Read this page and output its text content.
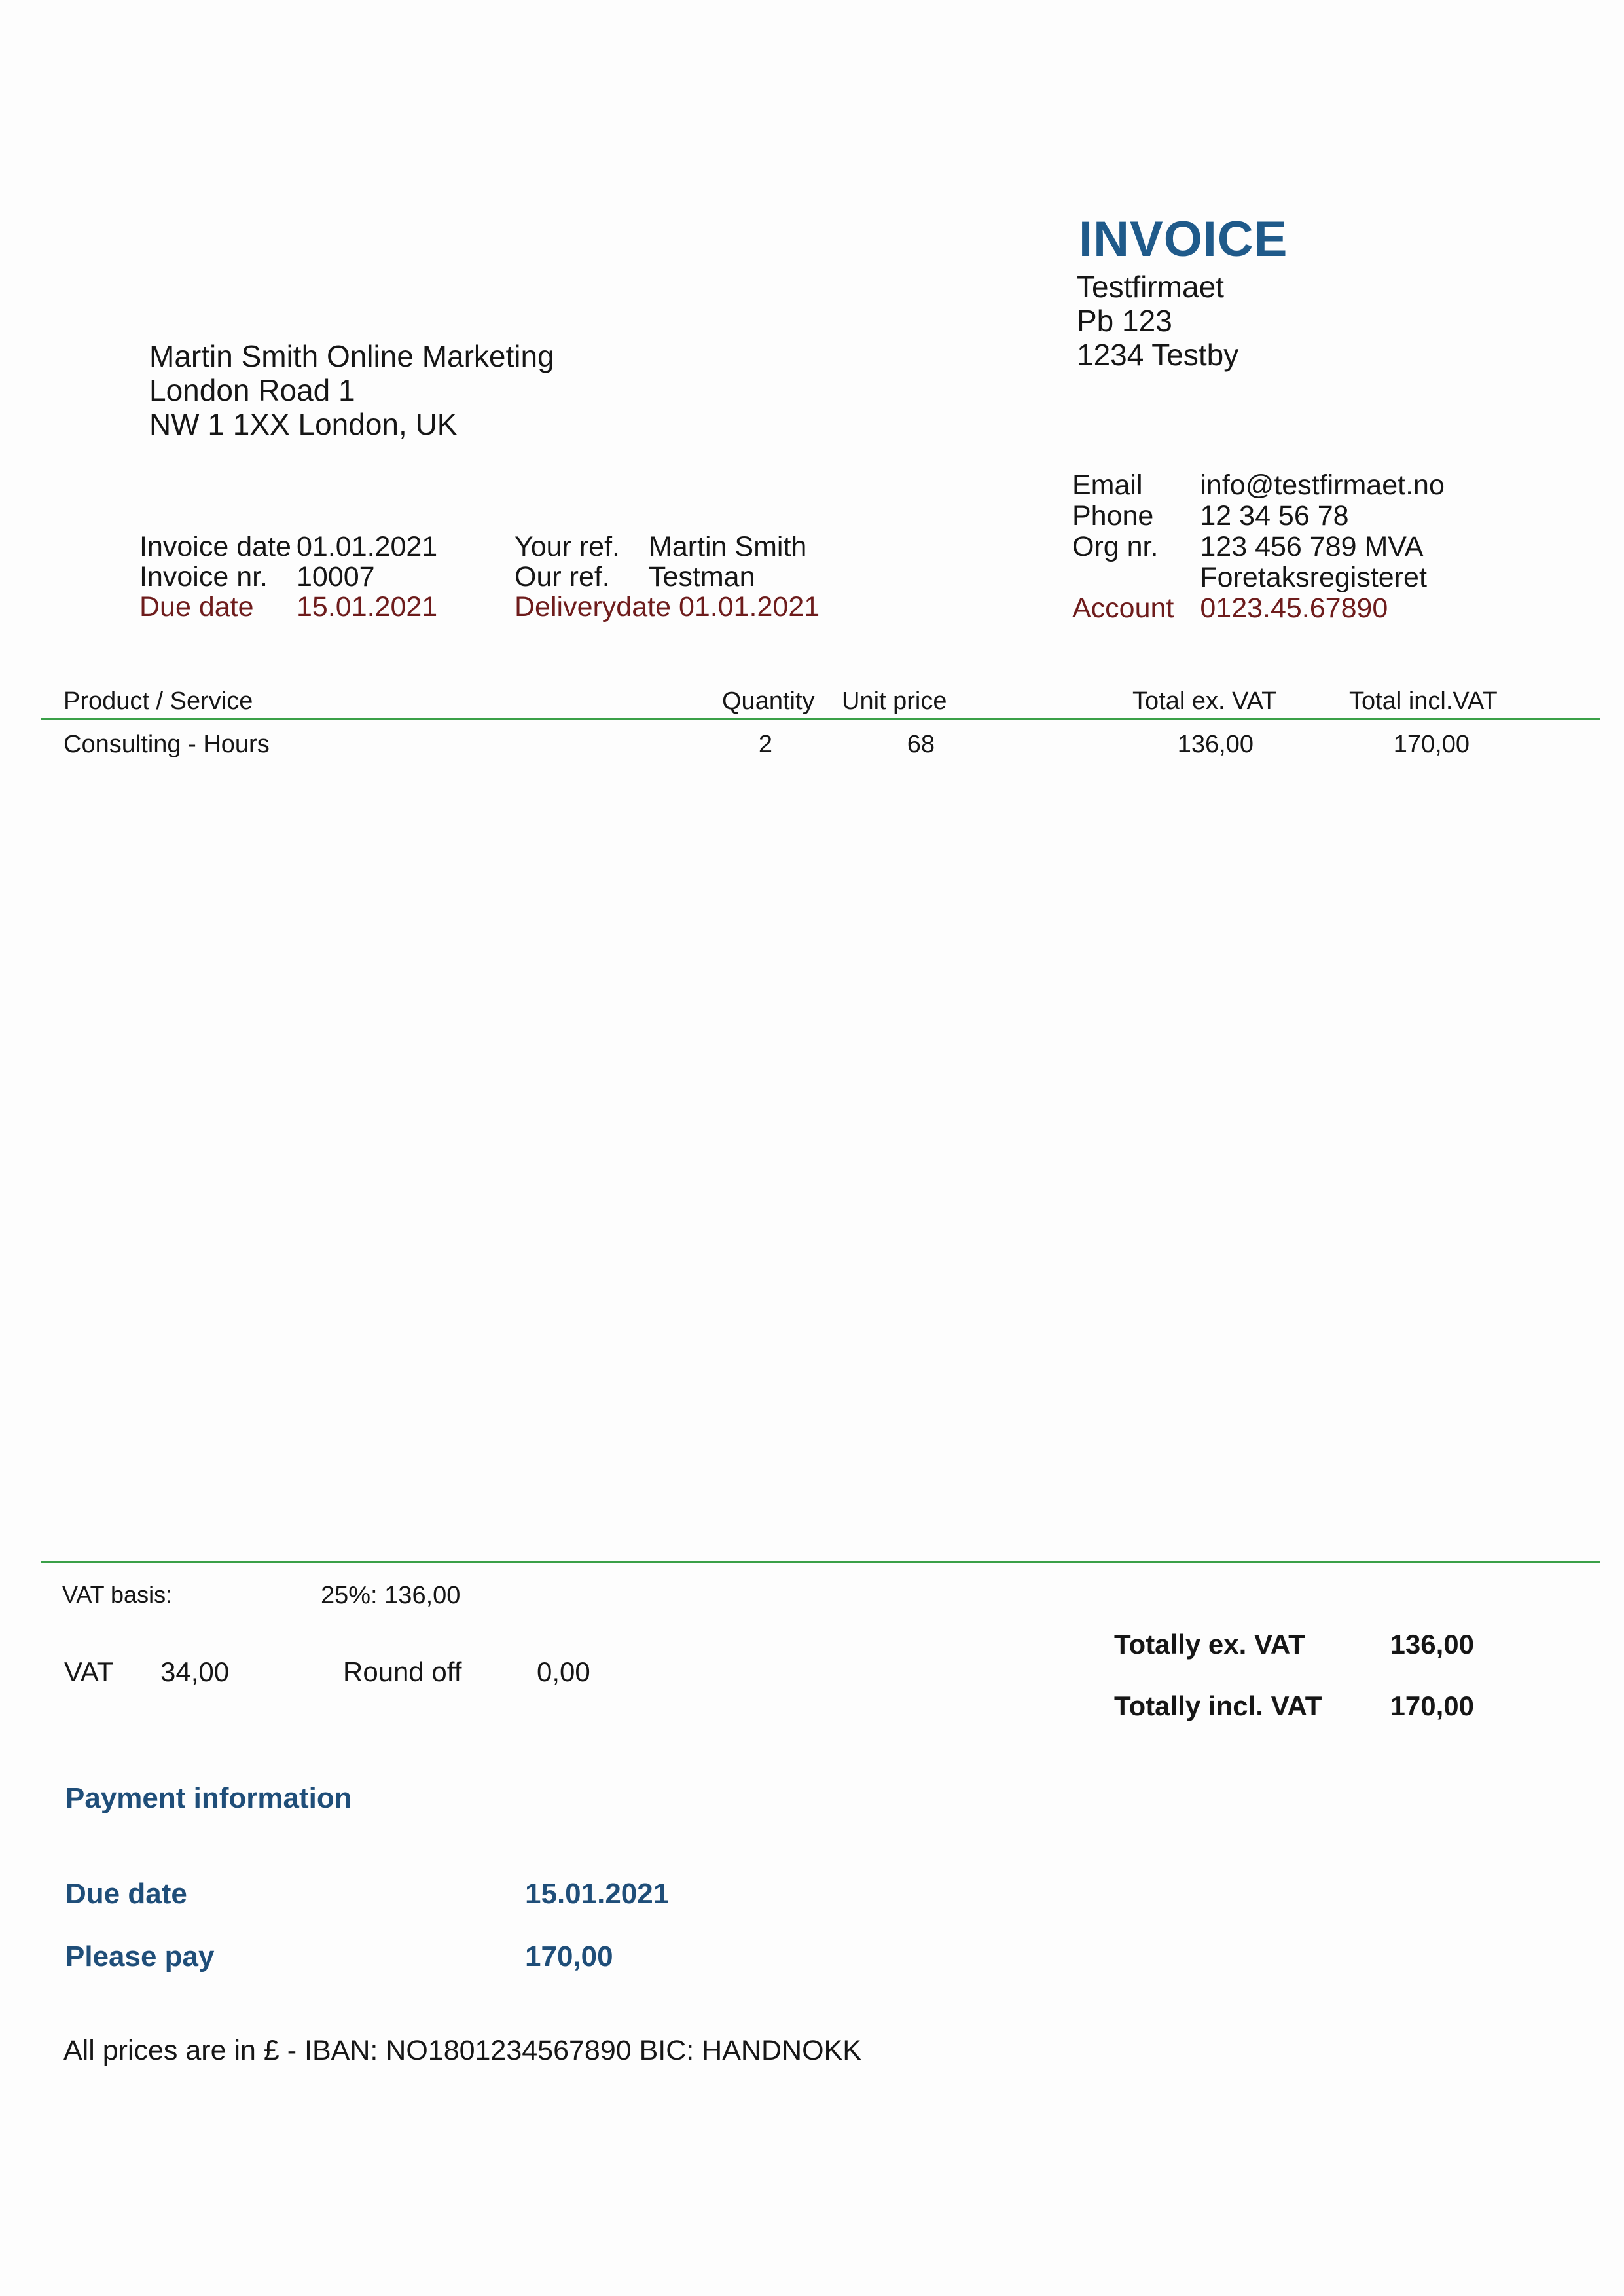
INVOICE
Testfirmaet
Pb 123
1234 Testby
Martin Smith Online Marketing
London Road 1
NW 1 1XX London, UK
Email	info@testfirmaet.no
Phone	12 34 56 78
Org nr.	123 456 789 MVA
	Foretaksregisteret
Account	0123.45.67890
Invoice date	01.01.2021
Invoice nr.	10007
Due date	15.01.2021
Your ref.	Martin Smith
Our ref.	Testman
Deliverydate 01.01.2021	
Product / Service	Quantity Unit price	Total ex. VAT	Total incl.VAT
Consulting - Hours	2	68	136,00	170,00
VAT basis:	25%: 136,00
VAT 34,00	Round off	0,00
Totally ex. VAT	136,00
Totally incl. VAT	170,00
Payment information
Due date	15.01.2021
Please pay	170,00
All prices are in £ - IBAN: NO1801234567890 BIC: HANDNOKK
